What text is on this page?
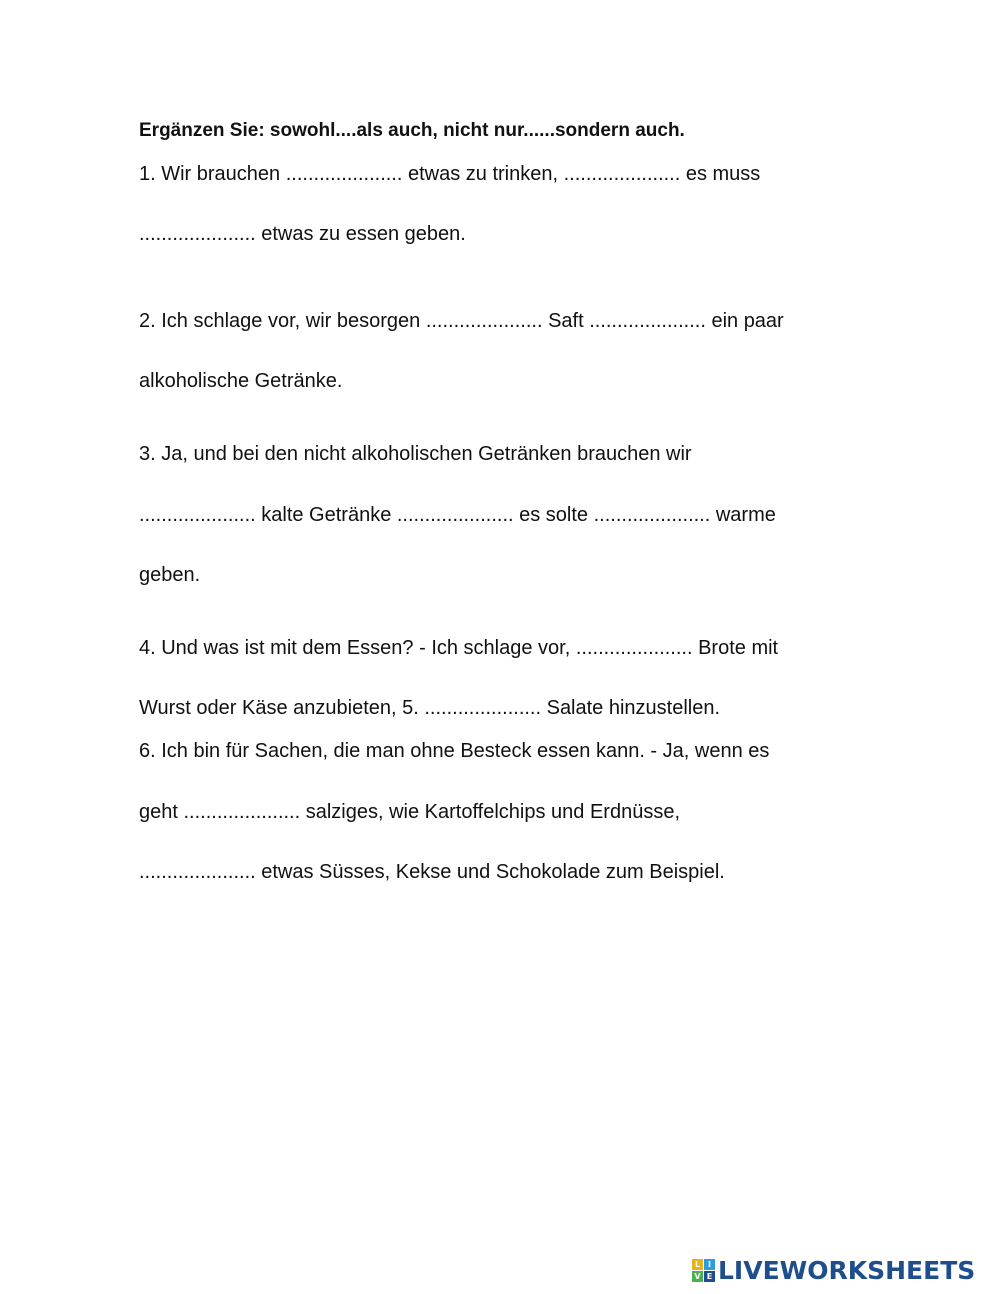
Ergänzen Sie: sowohl....als auch, nicht nur......sondern auch.

1. Wir brauchen ..................... etwas zu trinken, ..................... es muss

..................... etwas zu essen geben.

2. Ich schlage vor, wir besorgen ..................... Saft ..................... ein paar

alkoholische Getränke.

3. Ja, und bei den nicht alkoholischen Getränken brauchen wir

..................... kalte Getränke ..................... es solte ..................... warme

geben.

4. Und was ist mit dem Essen? - Ich schlage vor, ..................... Brote mit

Wurst oder Käse anzubieten, 5. ..................... Salate hinzustellen.

6. Ich bin für Sachen, die man ohne Besteck essen kann. - Ja, wenn es

geht ..................... salziges, wie Kartoffelchips und Erdnüsse,

..................... etwas Süsses, Kekse und Schokolade zum Beispiel.

L I
V E LIVEWORKSHEETS
